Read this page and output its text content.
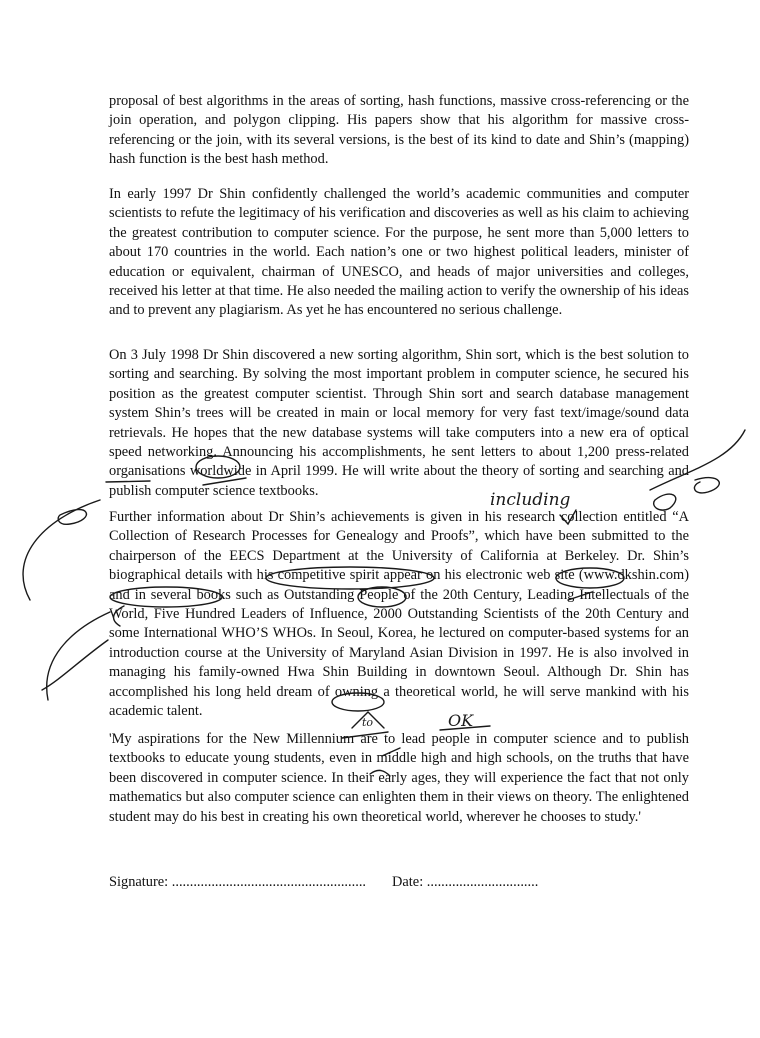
proposal of best algorithms in the areas of sorting, hash functions, massive cross-referencing or the join operation, and polygon clipping. His papers show that his algorithm for massive cross-referencing or the join, with its several versions, is the best of its kind to date and Shin’s (mapping) hash function is the best hash method.

In early 1997 Dr Shin confidently challenged the world’s academic communities and computer scientists to refute the legitimacy of his verification and discoveries as well as his claim to achieving the greatest contribution to computer science. For the purpose, he sent more than 5,000 letters to about 170 countries in the world. Each nation’s one or two highest political leaders, minister of education or equivalent, chairman of UNESCO, and heads of major universities and colleges, received his letter at that time. He also needed the mailing action to verify the ownership of his ideas and to prevent any plagiarism. As yet he has encountered no serious challenge.

On 3 July 1998 Dr Shin discovered a new sorting algorithm, Shin sort, which is the best solution to sorting and searching. By solving the most important problem in computer science, he secured his position as the greatest computer scientist. Through Shin sort and search database management system Shin’s trees will be created in main or local memory for very fast text/image/sound data retrievals. He hopes that the new database systems will take computers into a new era of optical speed networking. Announcing his accomplishments, he sent letters to about 1,200 press-related organisations worldwide in April 1999. He will write about the theory of sorting and searching and publish computer science textbooks.

Further information about Dr Shin’s achievements is given in his research collection entitled “A Collection of Research Processes for Genealogy and Proofs”, which have been submitted to the chairperson of the EECS Department at the University of California at Berkeley. Dr. Shin’s biographical details with his competitive spirit appear on his electronic web site (www.dkshin.com) and in several books such as Outstanding People of the 20th Century, Leading Intellectuals of the World, Five Hundred Leaders of Influence, 2000 Outstanding Scientists of the 20th Century and some International WHO’S WHOs. In Seoul, Korea, he lectured on computer-based systems for an introduction course at the University of Maryland Asian Division in 1997. He is also involved in managing his family-owned Hwa Shin Building in downtown Seoul. Although Dr. Shin has accomplished his long held dream of owning a theoretical world, he will serve mankind with his academic talent.

'My aspirations for the New Millennium are to lead people in computer science and to publish textbooks to educate young students, even in middle high and high schools, on the truths that have been discovered in computer science. In their early ages, they will experience the fact that not only mathematics but also computer science can enlighten them in their views on theory. The enlightened student may do his best in creating his own theoretical world, wherever he chooses to study.'

Signature: ...................................................... Date: ...............................
including
to	OK
